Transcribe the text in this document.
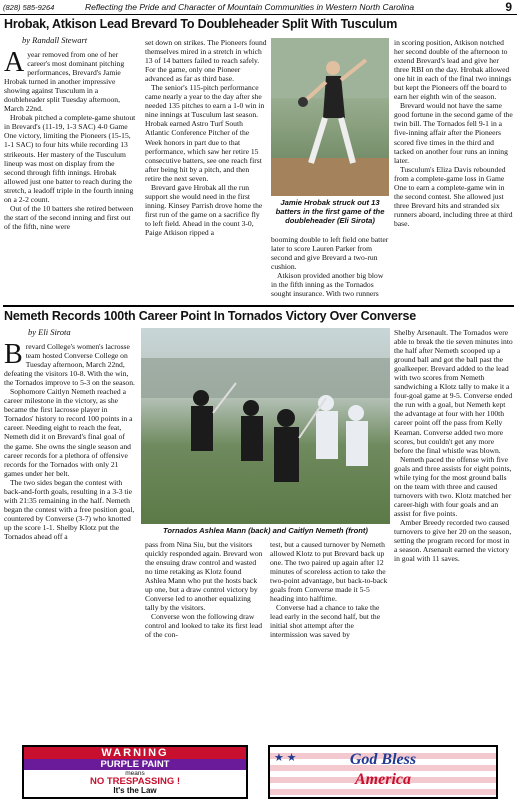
(828) 585-9264	Reflecting the Pride and Character of Mountain Communities in Western North Carolina	9
Hrobak, Atkison Lead Brevard To Doubleheader Split With Tusculum
by Randall Stewart
A year removed from one of her career's most dominant pitching performances, Brevard's Jamie Hrobak turned in another impressive showing against Tusculum in a doubleheader split Tuesday afternoon, March 22nd.

Hrobak pitched a complete-game shutout in Brevard's (11-19, 1-3 SAC) 4-0 Game One victory, limiting the Pioneers (15-15, 1-1 SAC) to four hits while recording 13 strikeouts. Her mastery of the Tusculum lineup was most on display from the second through fifth innings. Hrobak allowed just one batter to reach during the stretch, a leadoff triple in the fourth inning on a 2-2 count.

Out of the 10 batters she retired between the start of the second inning and first out of the fifth, nine were

set down on strikes. The Pioneers found themselves mired in a stretch in which 13 of 14 batters failed to reach safely. For the game, only one Pioneer advanced as far as third base.

The senior's 115-pitch performance came nearly a year to the day after she needed 135 pitches to earn a 1-0 win in nine innings at Tusculum last season. Hrobak earned Astro Turf South Atlantic Conference Pitcher of the Week honors in part due to that performance, which saw her retire 15 consecutive batters, see one reach first after being hit by a pitch, and then retire the next seven.

Brevard gave Hrobak all the run support she would need in the first inning. Kinsey Parrish drove home the first run of the game on a sacrifice fly to left field. Ahead in the count 3-0, Paige Atkison ripped a

Jamie Hrobak struck out 13 batters in the first game of the doubleheader (Eli Sirota)

booming double to left field one batter later to score Lauren Parker from second and give Brevard a two-run cushion.

Atkison provided another big blow in the fifth inning as the Tornados sought insurance. With two runners

in scoring position, Atkison notched her second double of the afternoon to extend Brevard's lead and give her three RBI on the day. Hrobak allowed one hit in each of the final two innings but kept the Pioneers off the board to earn her eighth win of the season.

Brevard would not have the same good fortune in the second game of the twin bill. The Tornados fell 9-1 in a five-inning affair after the Pioneers scored five times in the third and tacked on another four runs an inning later.

Tusculum's Eliza Davis rebounded from a complete-game loss in Game One to earn a complete-game win in the second contest. She allowed just three Brevard hits and stranded six runners aboard, including three at third base.

Nemeth Records 100th Career Point In Tornados Victory Over Converse
by Eli Sirota
B revard College's women's lacrosse team hosted Converse College on Tuesday afternoon, March 22nd, defeating the visitors 10-8. With the win, the Tornados improve to 5-3 on the season.

Sophomore Caitlyn Nemeth reached a career milestone in the victory, as she became the first lacrosse player in Tornados' history to record 100 points in a career. Needing eight to reach the feat, Nemeth did it on Brevard's final goal of the game. She owns the single season and career records for a plethora of offensive records for the Tornados with only 21 games under her belt.

The two sides began the contest with back-and-forth goals, resulting in a 3-3 tie with 21:35 remaining in the half. Nemeth began the contest with a free position goal, countered by Converse (3-7) who knotted up the score 1-1. Shelby Klotz put the Tornados ahead off a

Tornados Ashlea Mann (back) and Caitlyn Nemeth (front)

pass from Nina Siu, but the visitors quickly responded again. Brevard won the ensuing draw control and wasted no time retaking as Klotz found Ashlea Mann who put the hosts back up one, but a draw control victory by Converse led to another equalizing tally by the visitors.

Converse won the following draw control and looked to take its first lead of the con-

test, but a caused turnover by Nemeth allowed Klotz to put Brevard back up one. The two paired up again after 12 minutes of scoreless action to take the two-point advantage, but back-to-back goals from Converse made it 5-5 heading into halftime.

Converse had a chance to take the lead early in the second half, but the initial shot attempt after the intermission was saved by

Shelby Arsenault. The Tornados were able to break the tie seven minutes into the half after Nemeth scooped up a ground ball and got the ball past the goalkeeper. Brevard added to the lead with two scores from Nemeth sandwiching a Klotz tally to make it a four-goal game at 9-5. Converse ended the run with a goal, but Nemeth kept the advantage at four with her 100th career point off the pass from Kelly Kearnan. Converse added two more scores, but couldn't get any more before the final whistle was blown.

Nemeth paced the offense with five goals and three assists for eight points, while tying for the most ground balls on the team with three and caused turnovers with two. Klotz matched her career-high with four goals and an assist for five points.

Amber Breedy recorded two caused turnovers to give her 20 on the season, setting the program record for most in a season. Arsenault earned the victory in goal with 11 saves.

WARNING
PURPLE PAINT
means
NO TRESPASSING !
It's the Law
★ ★	God Bless
America
